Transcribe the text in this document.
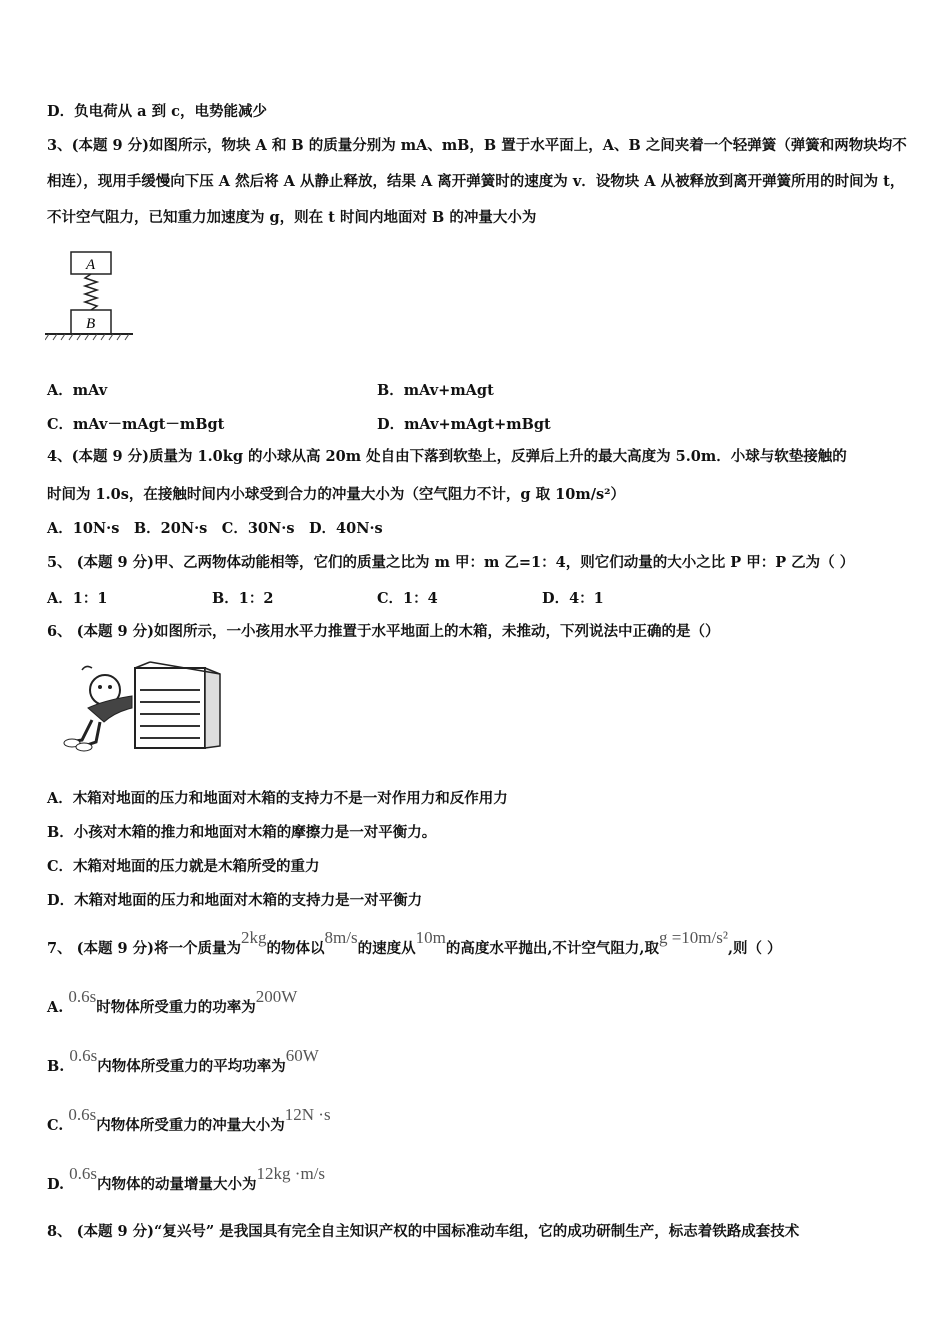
D．负电荷从 a 到 c，电势能减少
3、(本题 9 分)如图所示，物块 A 和 B 的质量分别为 mA、mB，B 置于水平面上，A、B 之间夹着一个轻弹簧（弹簧和两物块均不相连），现用手缓慢向下压 A 然后将 A 从静止释放，结果 A 离开弹簧时的速度为 v．设物块 A 从被释放到离开弹簧所用的时间为 t，不计空气阻力，已知重力加速度为 g，则在 t 时间内地面对 B 的冲量大小为
A
B
A．mAv	B．mAv+mAgt
C．mAv－mAgt－mBgt	D．mAv+mAgt+mBgt
4、(本题 9 分)质量为 1.0kg 的小球从高 20m 处自由下落到软垫上，反弹后上升的最大高度为 5.0m．小球与软垫接触的
时间为 1.0s，在接触时间内小球受到合力的冲量大小为（空气阻力不计，g 取 10m/s²）
A．10N·s　B．20N·s　C．30N·s　D．40N·s
5、 (本题 9 分)甲、乙两物体动能相等，它们的质量之比为 m 甲：m 乙=1：4，则它们动量的大小之比 P 甲：P 乙为（ ）
A．1：1	B．1：2	C．1：4	D．4：1
6、 (本题 9 分)如图所示，一小孩用水平力推置于水平地面上的木箱，未推动，下列说法中正确的是（）
A．木箱对地面的压力和地面对木箱的支持力不是一对作用力和反作用力
B．小孩对木箱的推力和地面对木箱的摩擦力是一对平衡力。
C．木箱对地面的压力就是木箱所受的重力
D．木箱对地面的压力和地面对木箱的支持力是一对平衡力
7、 (本题 9 分)将一个质量为2kg的物体以8m/s的速度从10m的高度水平抛出,不计空气阻力,取g =10m/s²,则（ ）
A. 0.6s时物体所受重力的功率为200W
B. 0.6s内物体所受重力的平均功率为60W
C. 0.6s内物体所受重力的冲量大小为12N ·s
D. 0.6s内物体的动量增量大小为12kg ·m/s
8、 (本题 9 分)“复兴号” 是我国具有完全自主知识产权的中国标准动车组，它的成功研制生产，标志着铁路成套技术
